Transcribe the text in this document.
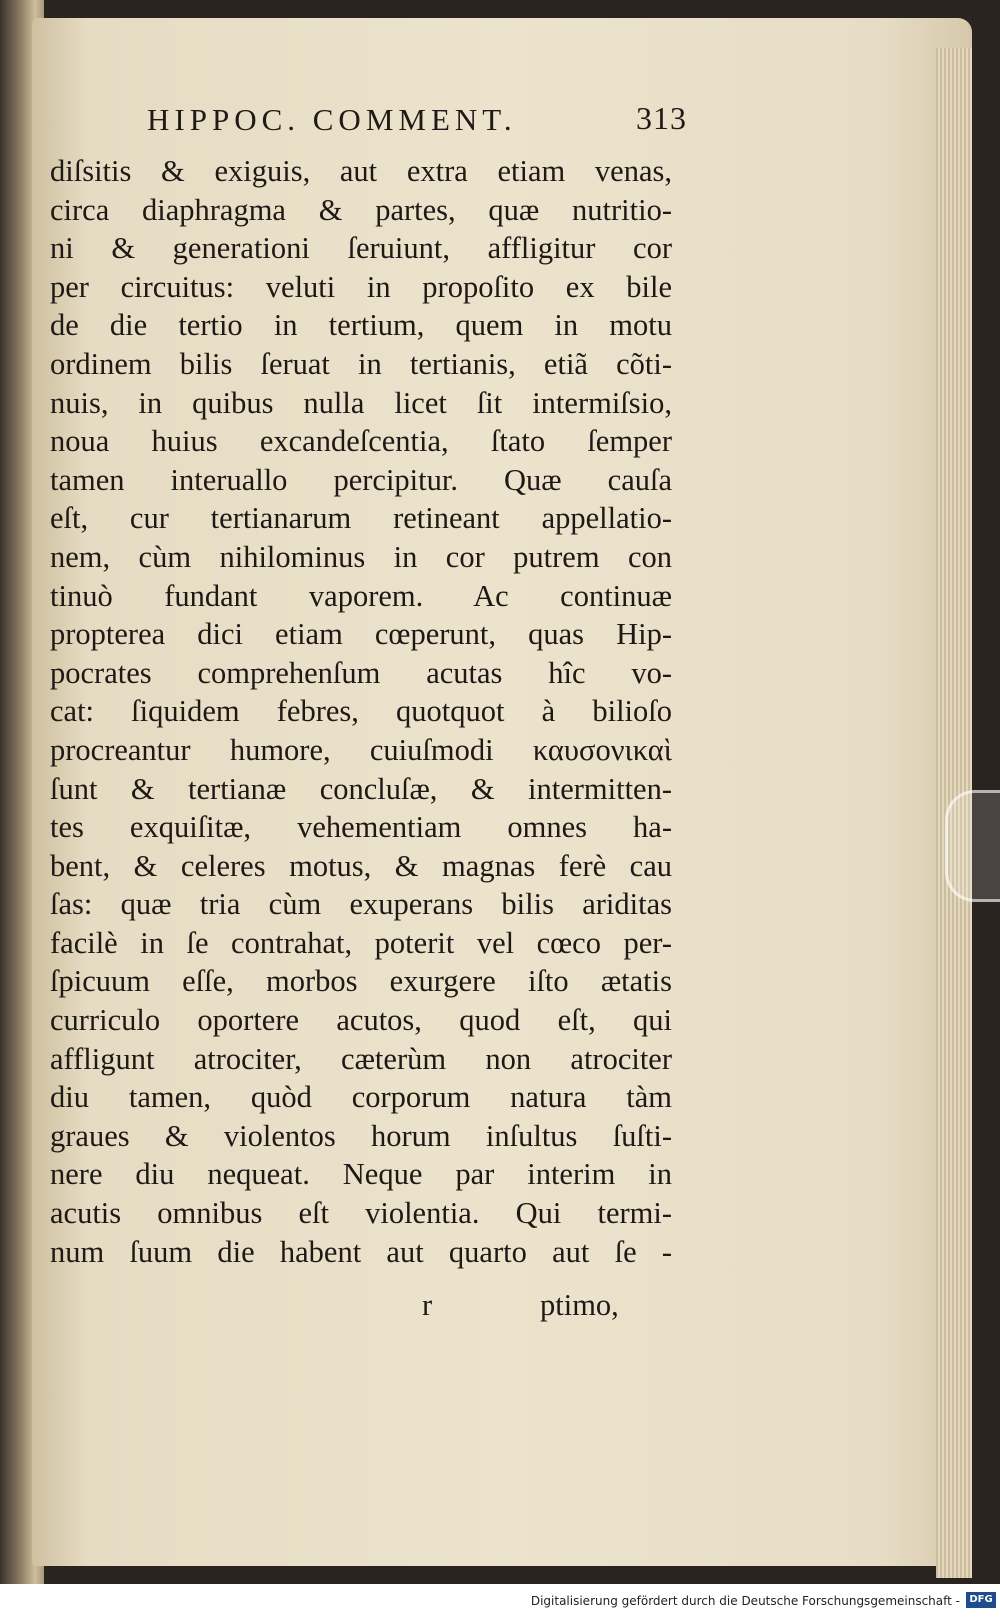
HIPPOC. COMMENT.	313
diſsitis & exiguis, aut extra etiam venas,
circa diaphragma & partes, quæ nutritio-
ni & generationi ſeruiunt, affligitur cor
per circuitus: veluti in propoſito ex bile
de die tertio in tertium, quem in motu
ordinem bilis ſeruat in tertianis, etiã cõti-
nuis, in quibus nulla licet ſit intermiſsio,
noua huius excandeſcentia, ſtato ſemper
tamen interuallo percipitur. Quæ cauſa
eſt, cur tertianarum retineant appellatio-
nem, cùm nihilominus in cor putrem con
tinuò fundant vaporem. Ac continuæ
propterea dici etiam cœperunt, quas Hip-
pocrates comprehenſum acutas hîc vo-
cat: ſiquidem febres, quotquot à bilioſo
procreantur humore, cuiuſmodi καυσονικαὶ
ſunt & tertianæ concluſæ, & intermitten-
tes exquiſitæ, vehementiam omnes ha-
bent, & celeres motus, & magnas ferè cau
ſas: quæ tria cùm exuperans bilis ariditas
facilè in ſe contrahat, poterit vel cœco per-
ſpicuum eſſe, morbos exurgere iſto ætatis
curriculo oportere acutos, quod eſt, qui
affligunt atrociter, cæterùm non atrociter
diu tamen, quòd corporum natura tàm
graues & violentos horum inſultus ſuſti-
nere diu nequeat. Neque par interim in
acutis omnibus eſt violentia. Qui termi-
num ſuum die habent aut quarto aut ſe -
r	ptimo,
Digitalisierung gefördert durch die Deutsche Forschungsgemeinschaft - DFG
